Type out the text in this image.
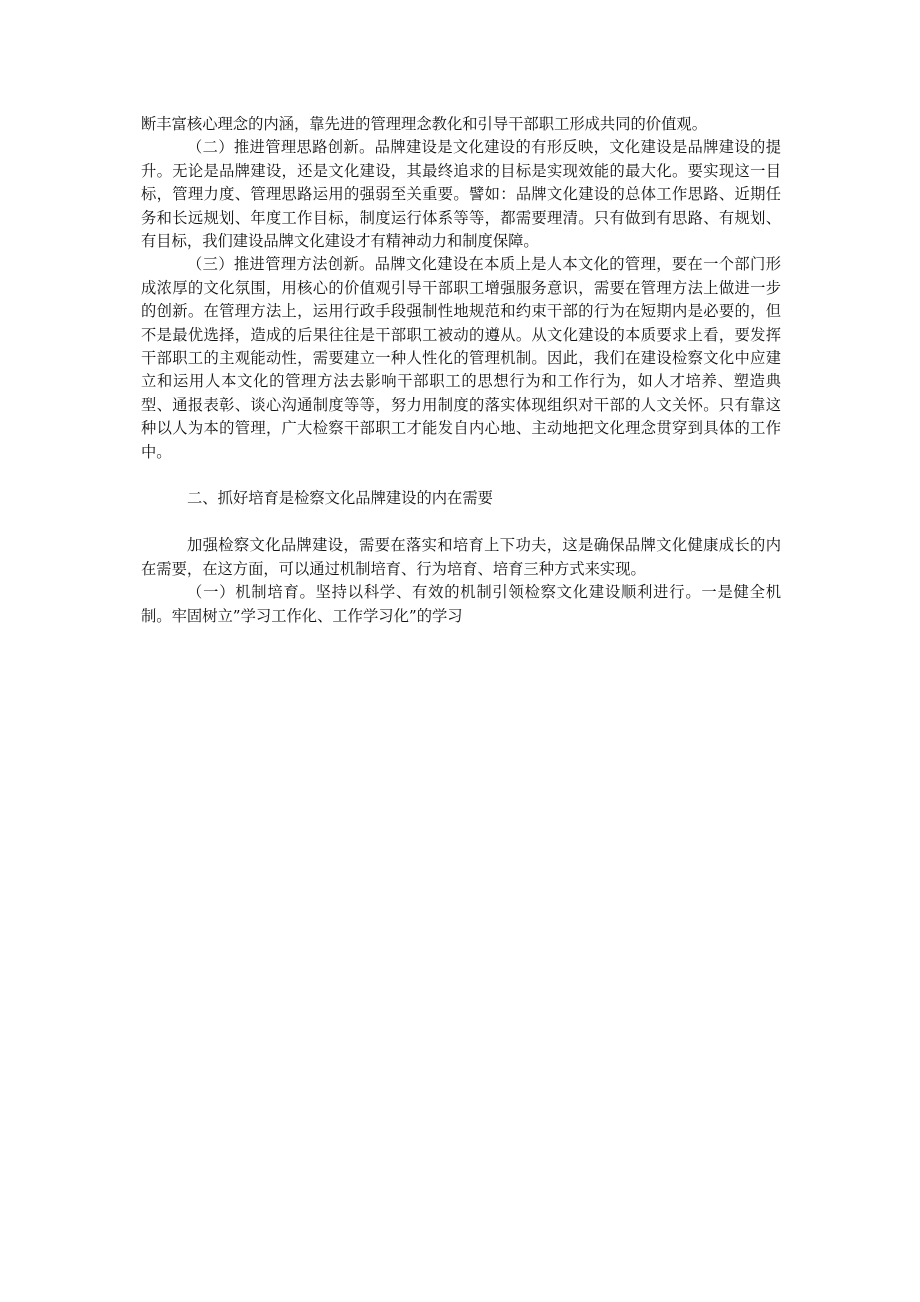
断丰富核心理念的内涵，靠先进的管理理念教化和引导干部职工形成共同的价值观。

（二）推进管理思路创新。品牌建设是文化建设的有形反映，文化建设是品牌建设的提升。无论是品牌建设，还是文化建设，其最终追求的目标是实现效能的最大化。要实现这一目标，管理力度、管理思路运用的强弱至关重要。譬如：品牌文化建设的总体工作思路、近期任务和长远规划、年度工作目标，制度运行体系等等，都需要理清。只有做到有思路、有规划、有目标，我们建设品牌文化建设才有精神动力和制度保障。

（三）推进管理方法创新。品牌文化建设在本质上是人本文化的管理，要在一个部门形成浓厚的文化氛围，用核心的价值观引导干部职工增强服务意识，需要在管理方法上做进一步的创新。在管理方法上，运用行政手段强制性地规范和约束干部的行为在短期内是必要的，但不是最优选择，造成的后果往往是干部职工被动的遵从。从文化建设的本质要求上看，要发挥干部职工的主观能动性，需要建立一种人性化的管理机制。因此，我们在建设检察文化中应建立和运用人本文化的管理方法去影响干部职工的思想行为和工作行为，如人才培养、塑造典型、通报表彰、谈心沟通制度等等，努力用制度的落实体现组织对干部的人文关怀。只有靠这种以人为本的管理，广大检察干部职工才能发自内心地、主动地把文化理念贯穿到具体的工作中。

二、抓好培育是检察文化品牌建设的内在需要

加强检察文化品牌建设，需要在落实和培育上下功夫，这是确保品牌文化健康成长的内在需要，在这方面，可以通过机制培育、行为培育、培育三种方式来实现。

（一）机制培育。坚持以科学、有效的机制引领检察文化建设顺利进行。一是健全机制。牢固树立”学习工作化、工作学习化”的学习
